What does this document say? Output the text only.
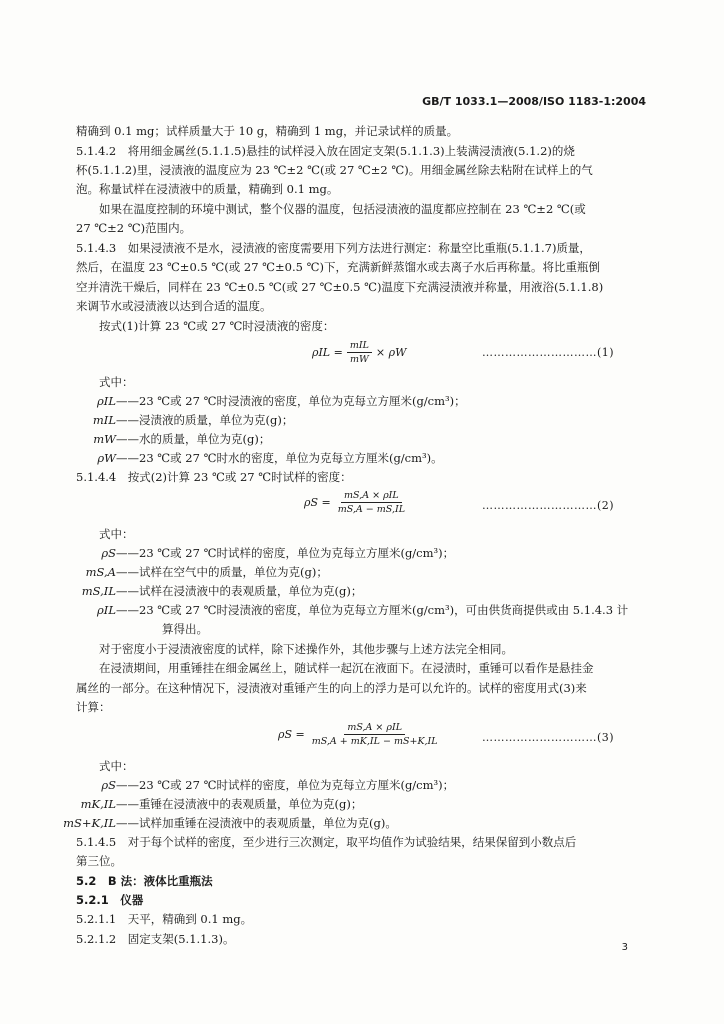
GB/T 1033.1—2008/ISO 1183-1:2004
精确到 0.1 mg；试样质量大于 10 g，精确到 1 mg，并记录试样的质量。
5.1.4.2　将用细金属丝(5.1.1.5)悬挂的试样浸入放在固定支架(5.1.1.3)上装满浸渍液(5.1.2)的烧
杯(5.1.1.2)里，浸渍液的温度应为 23 ℃±2 ℃(或 27 ℃±2 ℃)。用细金属丝除去粘附在试样上的气
泡。称量试样在浸渍液中的质量，精确到 0.1 mg。
如果在温度控制的环境中测试，整个仪器的温度，包括浸渍液的温度都应控制在 23 ℃±2 ℃(或
27 ℃±2 ℃)范围内。
5.1.4.3　如果浸渍液不是水，浸渍液的密度需要用下列方法进行测定：称量空比重瓶(5.1.1.7)质量，
然后，在温度 23 ℃±0.5 ℃(或 27 ℃±0.5 ℃)下，充满新鲜蒸馏水或去离子水后再称量。将比重瓶倒
空并清洗干燥后，同样在 23 ℃±0.5 ℃(或 27 ℃±0.5 ℃)温度下充满浸渍液并称量，用液浴(5.1.1.8)
来调节水或浸渍液以达到合适的温度。
按式(1)计算 23 ℃或 27 ℃时浸渍液的密度：
$\rho IL = \frac{\text{mIL}}{mW} \times \rho W$	…………………………(1)
式中：
ρIL——23 ℃或 27 ℃时浸渍液的密度，单位为克每立方厘米(g/cm³)；
mIL——浸渍液的质量，单位为克(g)；
mW——水的质量，单位为克(g)；
ρW——23 ℃或 27 ℃时水的密度，单位为克每立方厘米(g/cm³)。
5.1.4.4　按式(2)计算 23 ℃或 27 ℃时试样的密度：
$\rho S = \frac{\text{mS,A × ρIL}}{mS,A - mS,IL}$	…………………………(2)
式中：
ρS——23 ℃或 27 ℃时试样的密度，单位为克每立方厘米(g/cm³)；
mS,A——试样在空气中的质量，单位为克(g)；
mS,IL——试样在浸渍液中的表观质量，单位为克(g)；
ρIL——23 ℃或 27 ℃时浸渍液的密度，单位为克每立方厘米(g/cm³)，可由供货商提供或由 5.1.4.3 计
算得出。
对于密度小于浸渍液密度的试样，除下述操作外，其他步骤与上述方法完全相同。
在浸渍期间，用重锤挂在细金属丝上，随试样一起沉在液面下。在浸渍时，重锤可以看作是悬挂金
属丝的一部分。在这种情况下，浸渍液对重锤产生的向上的浮力是可以允许的。试样的密度用式(3)来
计算：
$\rho S = \frac{\text{mS,A × ρIL}}{mS,A + mK,IL - mS+K,IL}$	…………………………(3)
式中：
ρS——23 ℃或 27 ℃时试样的密度，单位为克每立方厘米(g/cm³)；
mK,IL——重锤在浸渍液中的表观质量，单位为克(g)；
mS+K,IL——试样加重锤在浸渍液中的表观质量，单位为克(g)。
5.1.4.5　对于每个试样的密度，至少进行三次测定，取平均值作为试验结果，结果保留到小数点后
第三位。
5.2　B 法：液体比重瓶法
5.2.1　仪器
5.2.1.1　天平，精确到 0.1 mg。
5.2.1.2　固定支架(5.1.1.3)。
3
